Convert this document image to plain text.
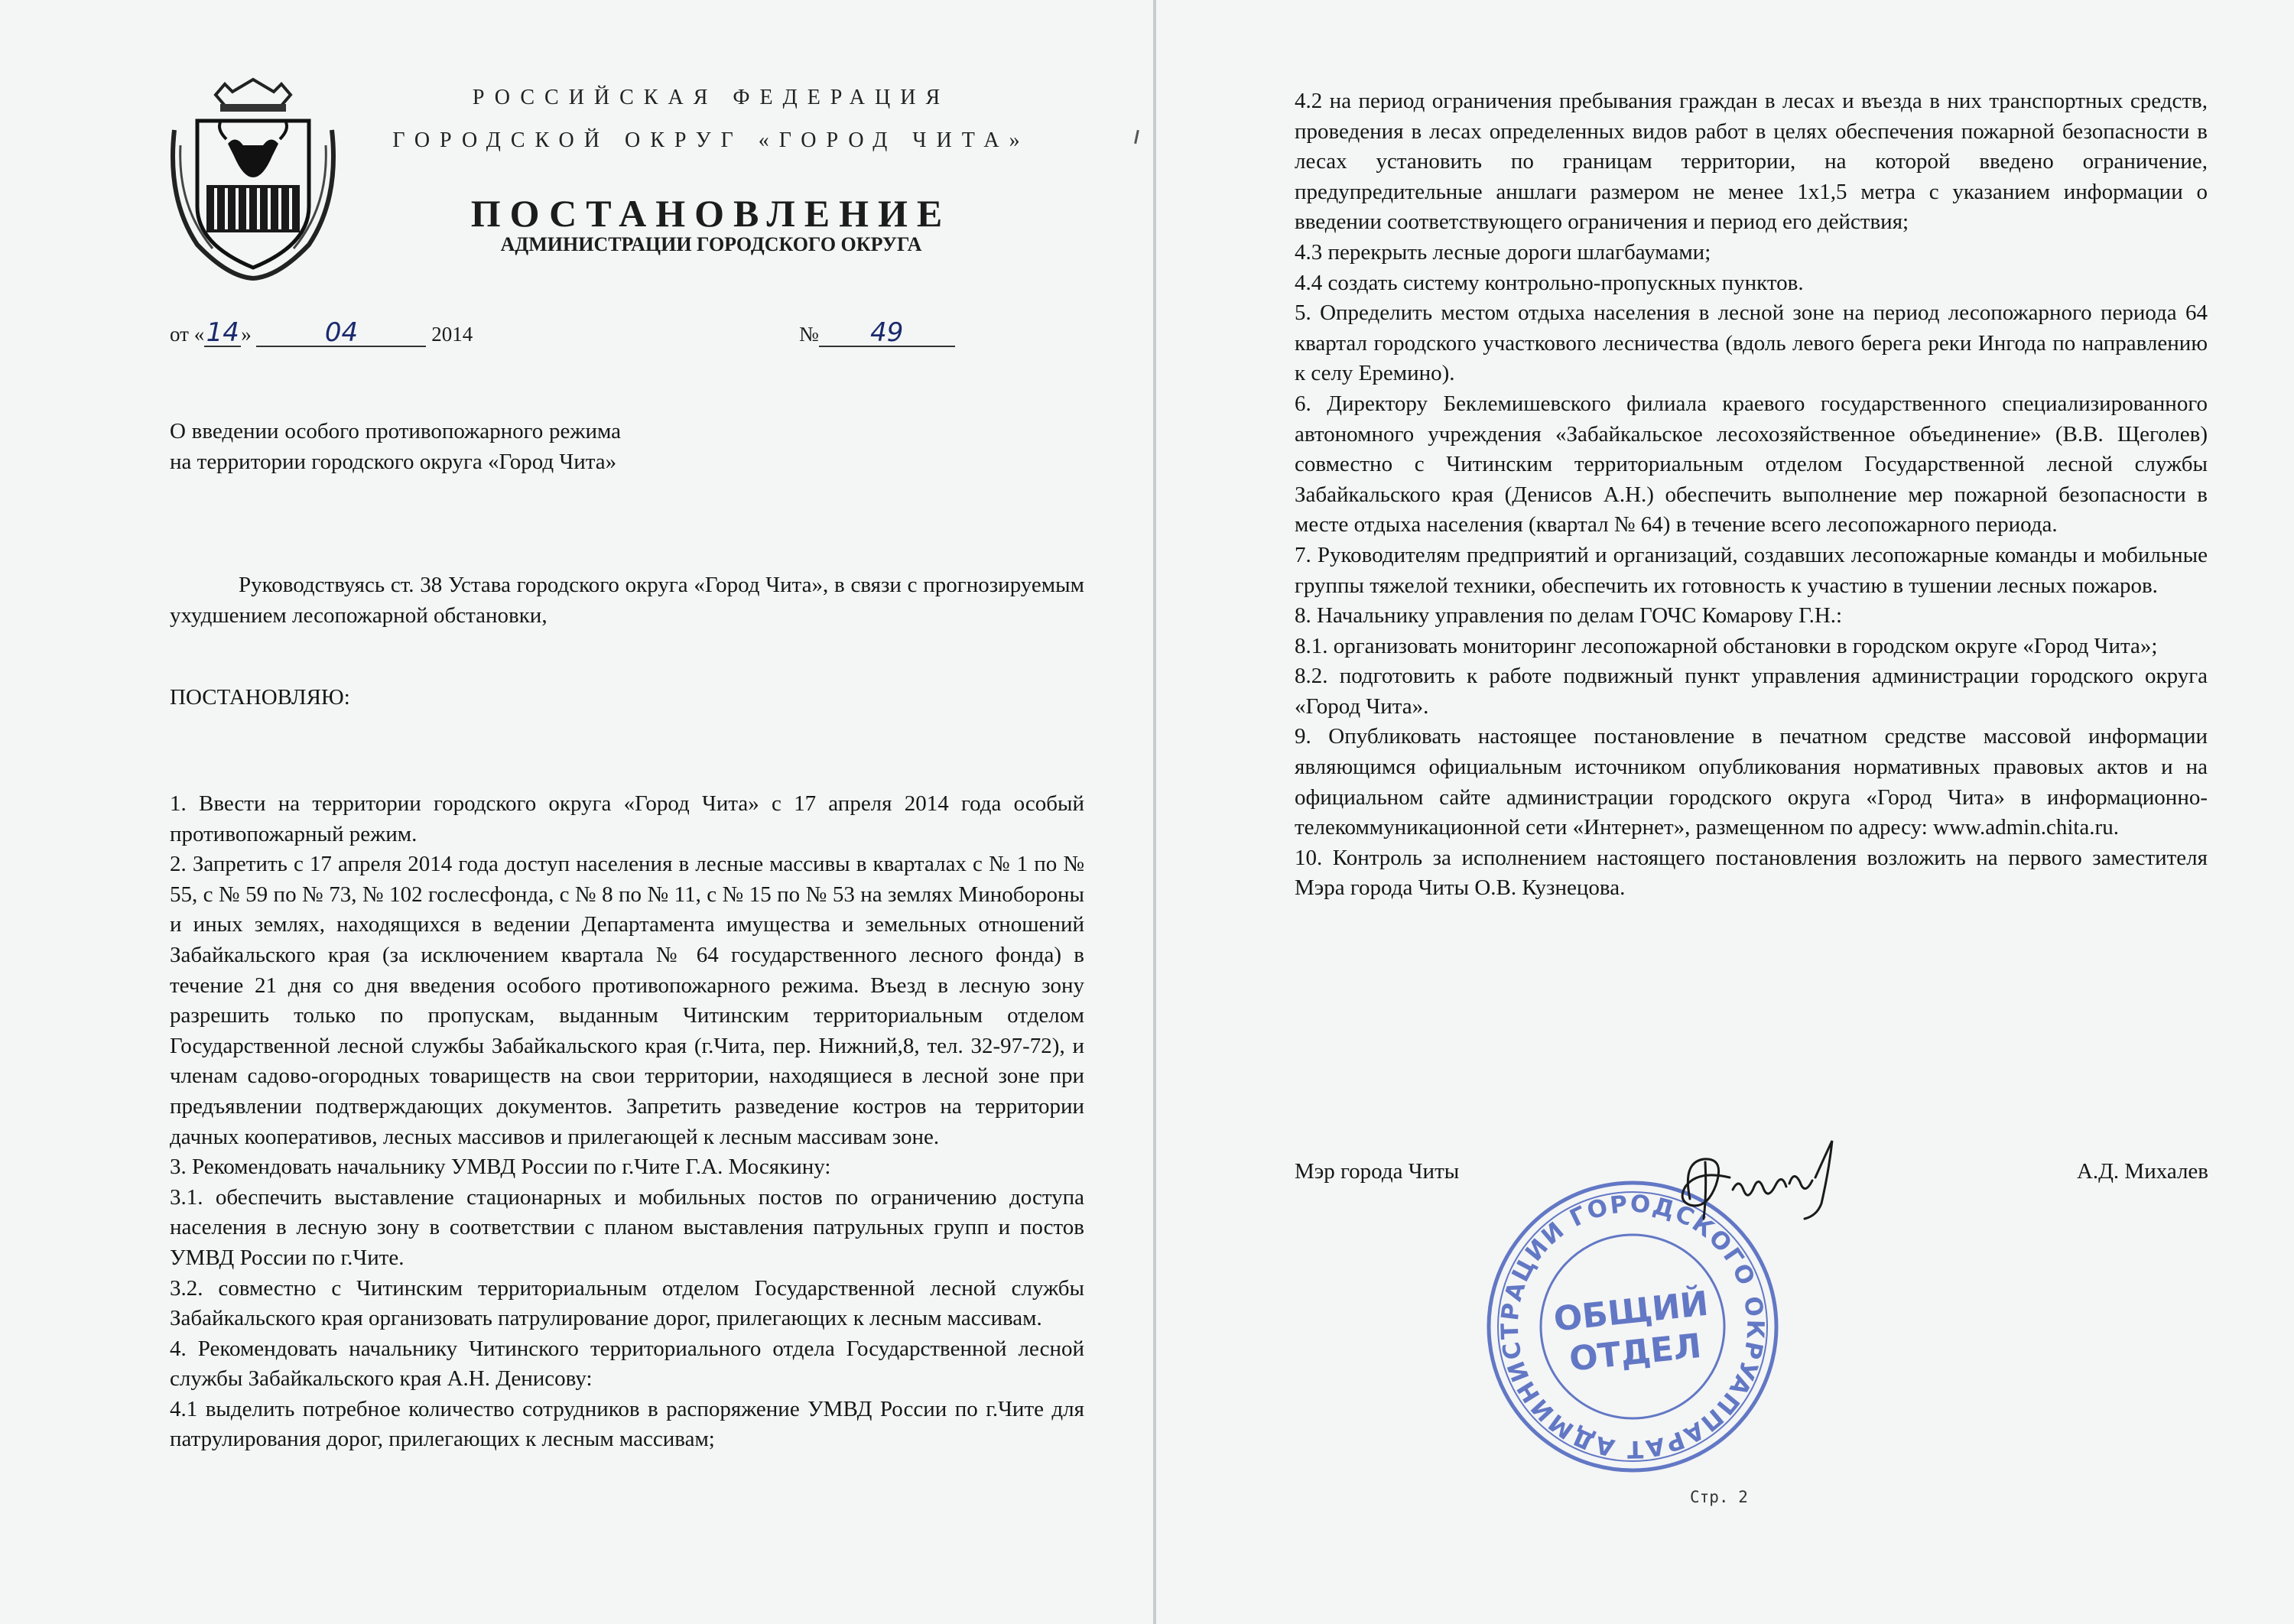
РОССИЙСКАЯ ФЕДЕРАЦИЯ
ГОРОДСКОЙ ОКРУГ «ГОРОД ЧИТА»
ПОСТАНОВЛЕНИЕ
АДМИНИСТРАЦИИ ГОРОДСКОГО ОКРУГА
от «14»	04	2014	№ 49

О введении особого противопожарного режима на территории городского округа «Город Чита»

Руководствуясь ст. 38 Устава городского округа «Город Чита», в связи с прогнозируемым ухудшением лесопожарной обстановки,

ПОСТАНОВЛЯЮ:

1. Ввести на территории городского округа «Город Чита» с 17 апреля 2014 года особый противопожарный режим.

2. Запретить с 17 апреля 2014 года доступ населения в лесные массивы в кварталах с № 1 по № 55, с № 59 по № 73, № 102 гослесфонда, с № 8 по № 11, с № 15 по № 53 на землях Минобороны и иных землях, находящихся в ведении Департамента имущества и земельных отношений Забайкальского края (за исключением квартала № 64 государственного лесного фонда) в течение 21 дня со дня введения особого противопожарного режима. Въезд в лесную зону разрешить только по пропускам, выданным Читинским территориальным отделом Государственной лесной службы Забайкальского края (г.Чита, пер. Нижний,8, тел. 32-97-72), и членам садово-огородных товариществ на свои территории, находящиеся в лесной зоне при предъявлении подтверждающих документов. Запретить разведение костров на территории дачных кооперативов, лесных массивов и прилегающей к лесным массивам зоне.

3. Рекомендовать начальнику УМВД России по г.Чите Г.А. Мосякину:

3.1. обеспечить выставление стационарных и мобильных постов по ограничению доступа населения в лесную зону в соответствии с планом выставления патрульных групп и постов УМВД России по г.Чите.

3.2. совместно с Читинским территориальным отделом Государственной лесной службы Забайкальского края организовать патрулирование дорог, прилегающих к лесным массивам.

4. Рекомендовать начальнику Читинского территориального отдела Государственной лесной службы Забайкальского края А.Н. Денисову:

4.1 выделить потребное количество сотрудников в распоряжение УМВД России по г.Чите для патрулирования дорог, прилегающих к лесным массивам;

4.2 на период ограничения пребывания граждан в лесах и въезда в них транспортных средств, проведения в лесах определенных видов работ в целях обеспечения пожарной безопасности в лесах установить по границам территории, на которой введено ограничение, предупредительные аншлаги размером не менее 1х1,5 метра с указанием информации о введении соответствующего ограничения и период его действия;

4.3 перекрыть лесные дороги шлагбаумами;

4.4 создать систему контрольно-пропускных пунктов.

5. Определить местом отдыха населения в лесной зоне на период лесопожарного периода 64 квартал городского участкового лесничества (вдоль левого берега реки Ингода по направлению к селу Еремино).

6. Директору Беклемишевского филиала краевого государственного специализированного автономного учреждения «Забайкальское лесохозяйственное объединение» (В.В. Щеголев) совместно с Читинским территориальным отделом Государственной лесной службы Забайкальского края (Денисов А.Н.) обеспечить выполнение мер пожарной безопасности в месте отдыха населения (квартал № 64) в течение всего лесопожарного периода.

7. Руководителям предприятий и организаций, создавших лесопожарные команды и мобильные группы тяжелой техники, обеспечить их готовность к участию в тушении лесных пожаров.

8. Начальнику управления по делам ГОЧС Комарову Г.Н.:

8.1. организовать мониторинг лесопожарной обстановки в городском округе «Город Чита»;

8.2. подготовить к работе подвижный пункт управления администрации городского округа «Город Чита».

9. Опубликовать настоящее постановление в печатном средстве массовой информации являющимся официальным источником опубликования нормативных правовых актов и на официальном сайте администрации городского округа «Город Чита» в информационно-телекоммуникационной сети «Интернет», размещенном по адресу: www.admin.chita.ru.

10. Контроль за исполнением настоящего постановления возложить на первого заместителя Мэра города Читы О.В. Кузнецова.

Мэр города Читы	А.Д. Михалев
АППАРАТ АДМИНИСТРАЦИИ ГОРОДСКОГО ОКРУГА
ОБЩИЙ
ОТДЕЛ
Стр. 2
